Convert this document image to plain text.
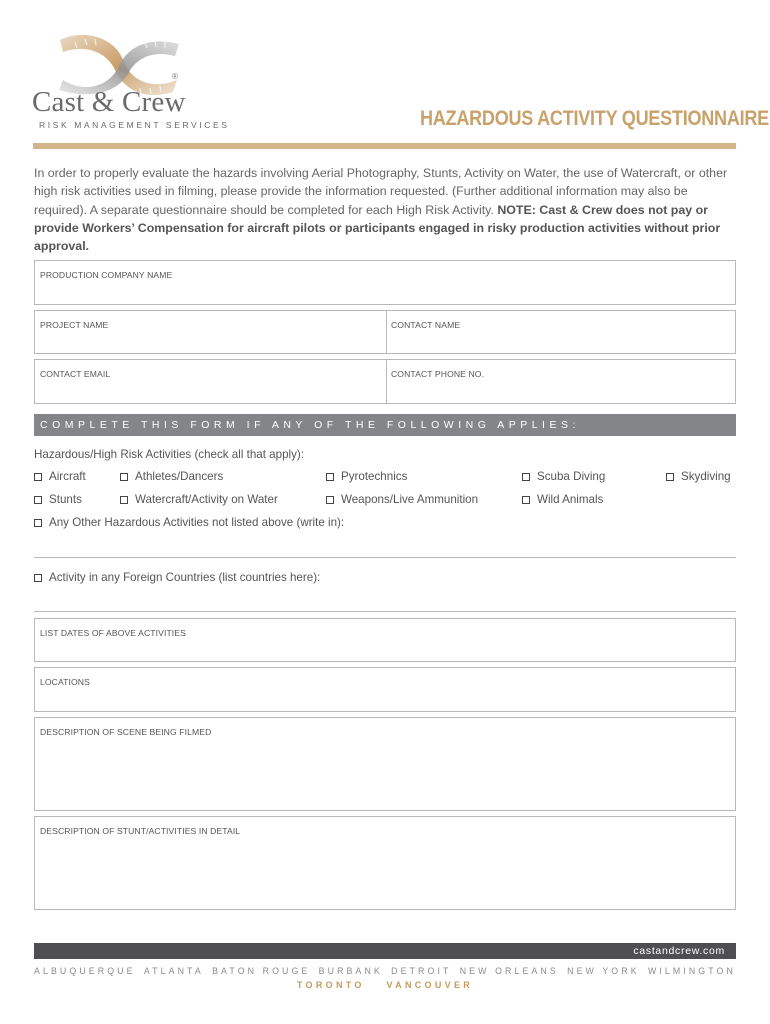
®
Cast & Crew
RISK MANAGEMENT SERVICES	HAZARDOUS ACTIVITY QUESTIONNAIRE
In order to properly evaluate the hazards involving Aerial Photography, Stunts, Activity on Water, the use of Watercraft, or other high risk activities used in filming, please provide the information requested. (Further additional information may also be required). A separate questionnaire should be completed for each High Risk Activity. NOTE: Cast & Crew does not pay or provide Workers’ Compensation for aircraft pilots or participants engaged in risky production activities without prior approval.
PRODUCTION COMPANY NAME
PROJECT NAME	CONTACT NAME
CONTACT EMAIL	CONTACT PHONE NO.
COMPLETE THIS FORM IF ANY OF THE FOLLOWING APPLIES:
Hazardous/High Risk Activities (check all that apply):
Aircraft	Athletes/Dancers	Pyrotechnics	Scuba Diving	Skydiving
Stunts	Watercraft/Activity on Water	Weapons/Live Ammunition	Wild Animals
Any Other Hazardous Activities not listed above (write in):
Activity in any Foreign Countries (list countries here):
LIST DATES OF ABOVE ACTIVITIES
LOCATIONS
DESCRIPTION OF SCENE BEING FILMED
DESCRIPTION OF STUNT/ACTIVITIES IN DETAIL
castandcrew.com
ALBUQUERQUE ATLANTA BATON ROUGE BURBANK DETROIT NEW ORLEANS NEW YORK WILMINGTON
TORONTO VANCOUVER
